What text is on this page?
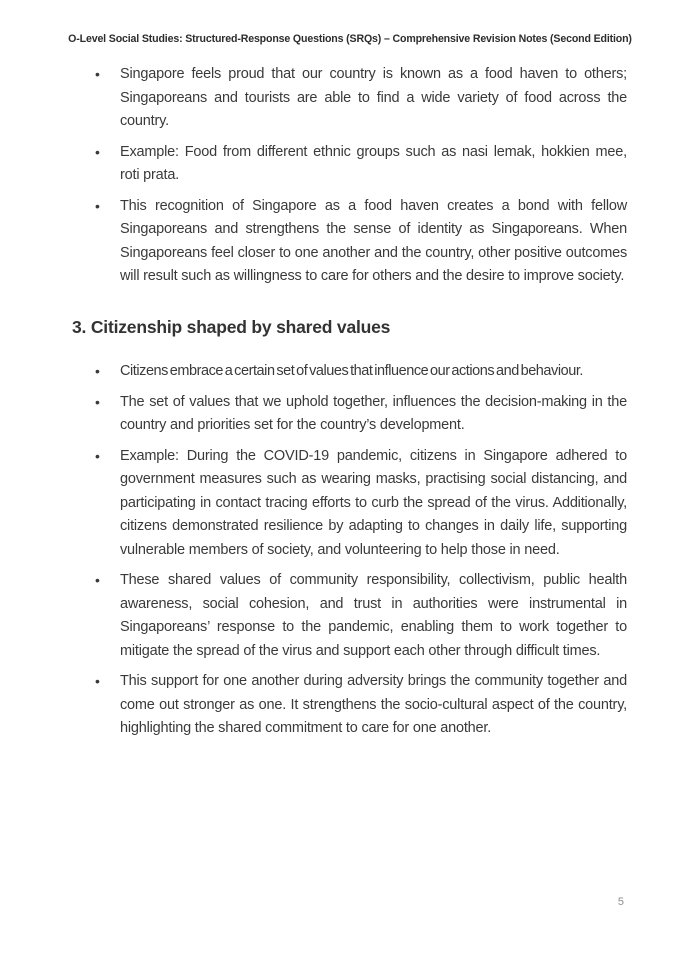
O-Level Social Studies: Structured-Response Questions (SRQs) – Comprehensive Revision Notes (Second Edition)
•
Singapore feels proud that our country is known as a food haven to others; Singaporeans and tourists are able to find a wide variety of food across the country.
•
Example: Food from different ethnic groups such as nasi lemak, hokkien mee, roti prata.
•
This recognition of Singapore as a food haven creates a bond with fellow Singaporeans and strengthens the sense of identity as Singaporeans. When Singaporeans feel closer to one another and the country, other positive outcomes will result such as willingness to care for others and the desire to improve society.
3. Citizenship shaped by shared values
•
Citizens embrace a certain set of values that influence our actions and behaviour.
•
The set of values that we uphold together, influences the decision-making in the country and priorities set for the country’s development.
•
Example: During the COVID-19 pandemic, citizens in Singapore adhered to government measures such as wearing masks, practising social distancing, and participating in contact tracing efforts to curb the spread of the virus. Additionally, citizens demonstrated resilience by adapting to changes in daily life, supporting vulnerable members of society, and volunteering to help those in need.
•
These shared values of community responsibility, collectivism, public health awareness, social cohesion, and trust in authorities were instrumental in Singaporeans’ response to the pandemic, enabling them to work together to mitigate the spread of the virus and support each other through difficult times.
•
This support for one another during adversity brings the community together and come out stronger as one. It strengthens the socio-cultural aspect of the country, highlighting the shared commitment to care for one another.
5
